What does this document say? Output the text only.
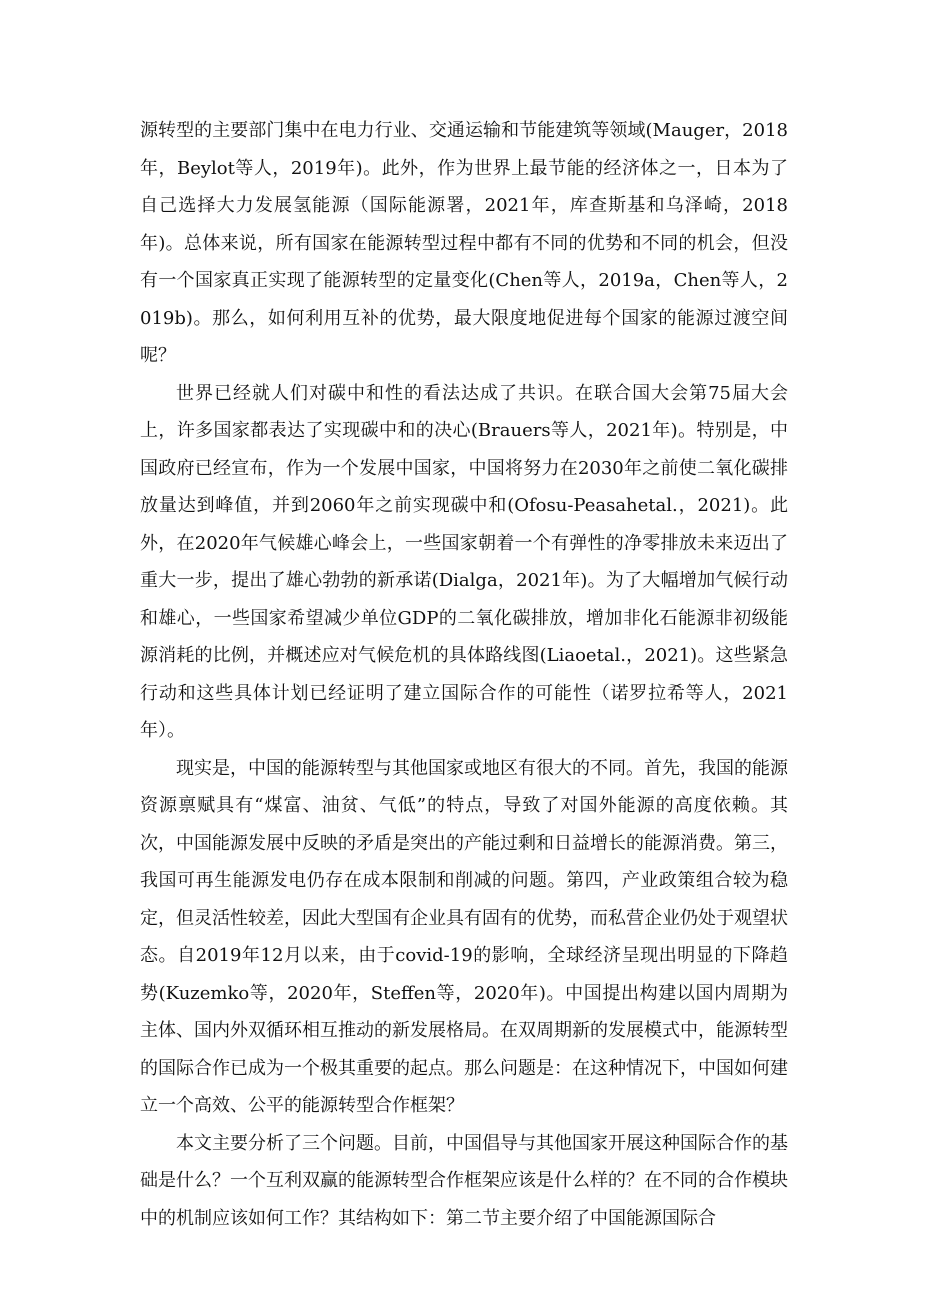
源转型的主要部门集中在电力行业、交通运输和节能建筑等领域(Mauger，2018年，Beylot等人，2019年)。此外，作为世界上最节能的经济体之一，日本为了自己选择大力发展氢能源（国际能源署，2021年，库查斯基和乌泽崎，2018年)。总体来说，所有国家在能源转型过程中都有不同的优势和不同的机会，但没有一个国家真正实现了能源转型的定量变化(Chen等人，2019a，Chen等人，2019b)。那么，如何利用互补的优势，最大限度地促进每个国家的能源过渡空间呢？

世界已经就人们对碳中和性的看法达成了共识。在联合国大会第75届大会上，许多国家都表达了实现碳中和的决心(Brauers等人，2021年)。特别是，中国政府已经宣布，作为一个发展中国家，中国将努力在2030年之前使二氧化碳排放量达到峰值，并到2060年之前实现碳中和(Ofosu-Peasahetal.，2021)。此外，在2020年气候雄心峰会上，一些国家朝着一个有弹性的净零排放未来迈出了重大一步，提出了雄心勃勃的新承诺(Dialga，2021年)。为了大幅增加气候行动和雄心，一些国家希望减少单位GDP的二氧化碳排放，增加非化石能源非初级能源消耗的比例，并概述应对气候危机的具体路线图(Liaoetal.，2021)。这些紧急行动和这些具体计划已经证明了建立国际合作的可能性（诺罗拉希等人，2021年）。

现实是，中国的能源转型与其他国家或地区有很大的不同。首先，我国的能源资源禀赋具有“煤富、油贫、气低”的特点，导致了对国外能源的高度依赖。其次，中国能源发展中反映的矛盾是突出的产能过剩和日益增长的能源消费。第三，我国可再生能源发电仍存在成本限制和削减的问题。第四，产业政策组合较为稳定，但灵活性较差，因此大型国有企业具有固有的优势，而私营企业仍处于观望状态。自2019年12月以来，由于covid-19的影响，全球经济呈现出明显的下降趋势(Kuzemko等，2020年，Steffen等，2020年)。中国提出构建以国内周期为主体、国内外双循环相互推动的新发展格局。在双周期新的发展模式中，能源转型的国际合作已成为一个极其重要的起点。那么问题是：在这种情况下，中国如何建立一个高效、公平的能源转型合作框架？

本文主要分析了三个问题。目前，中国倡导与其他国家开展这种国际合作的基础是什么？一个互利双赢的能源转型合作框架应该是什么样的？在不同的合作模块中的机制应该如何工作？其结构如下：第二节主要介绍了中国能源国际合
